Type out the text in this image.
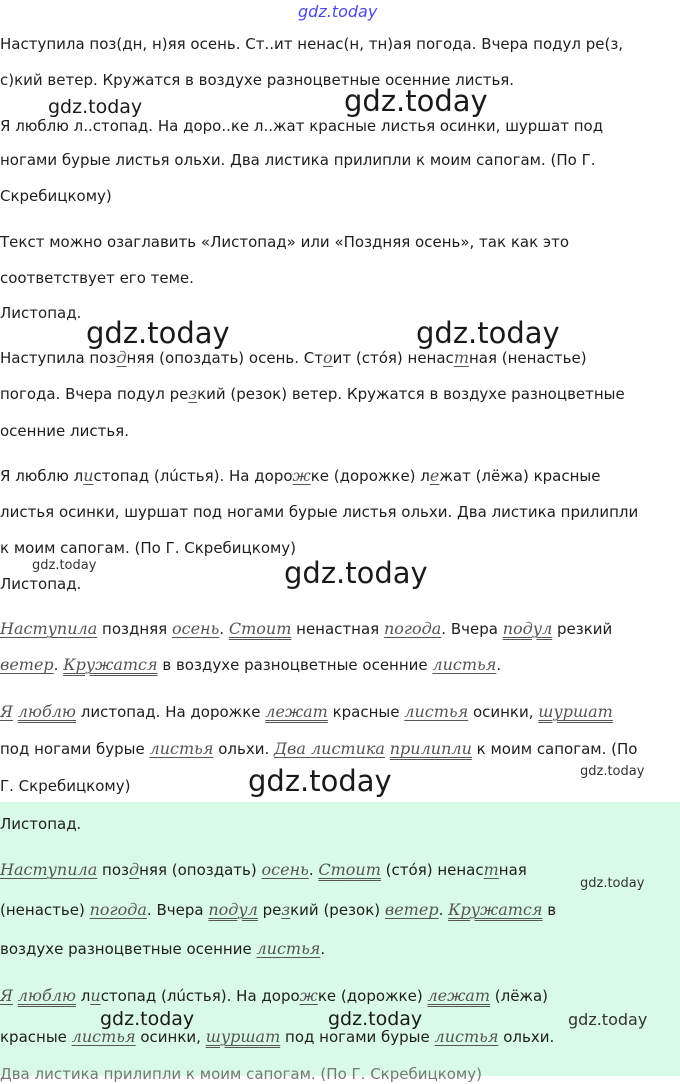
gdz.today
Наступила поз(дн, н)яя осень. Ст..ит ненас(н, тн)ая погода. Вчера подул ре(з,
с)кий ветер. Кружатся в воздухе разноцветные осенние листья.
Я люблю л..стопад. На доро..ке л..жат красные листья осинки, шуршат под
ногами бурые листья ольхи. Два листика прилипли к моим сапогам. (По Г.
Скребицкому)
Текст можно озаглавить «Листопад» или «Поздняя осень», так как это
соответствует его теме.
Листопад.
Наступила поздняя (опоздать) осень. Стоит (стóя) ненастная (ненастье)
погода. Вчера подул резкий (резок) ветер. Кружатся в воздухе разноцветные
осенние листья.
Я люблю листопад (лúстья). На дорожке (дорожке) лежат (лёжа) красные
листья осинки, шуршат под ногами бурые листья ольхи. Два листика прилипли
к моим сапогам. (По Г. Скребицкому)
Листопад.
Наступила поздняя осень. Стоит ненастная погода. Вчера подул резкий
ветер. Кружатся в воздухе разноцветные осенние листья.
Я люблю листопад. На дорожке лежат красные листья осинки, шуршат
под ногами бурые листья ольхи. Два листика прилипли к моим сапогам. (По
Г. Скребицкому)
Листопад.
Наступила поздняя (опоздать) осень. Стоит (стóя) ненастная
(ненастье) погода. Вчера подул резкий (резок) ветер. Кружатся в
воздухе разноцветные осенние листья.
Я люблю листопад (лúстья). На дорожке (дорожке) лежат (лёжа)
красные листья осинки, шуршат под ногами бурые листья ольхи.
Два листика прилипли к моим сапогам. (По Г. Скребицкому)
gdz.today	gdz.today
gdz.today	gdz.today
gdz.today	gdz.today
gdz.today	gdz.today
gdz.today
gdz.today	gdz.today	gdz.today
